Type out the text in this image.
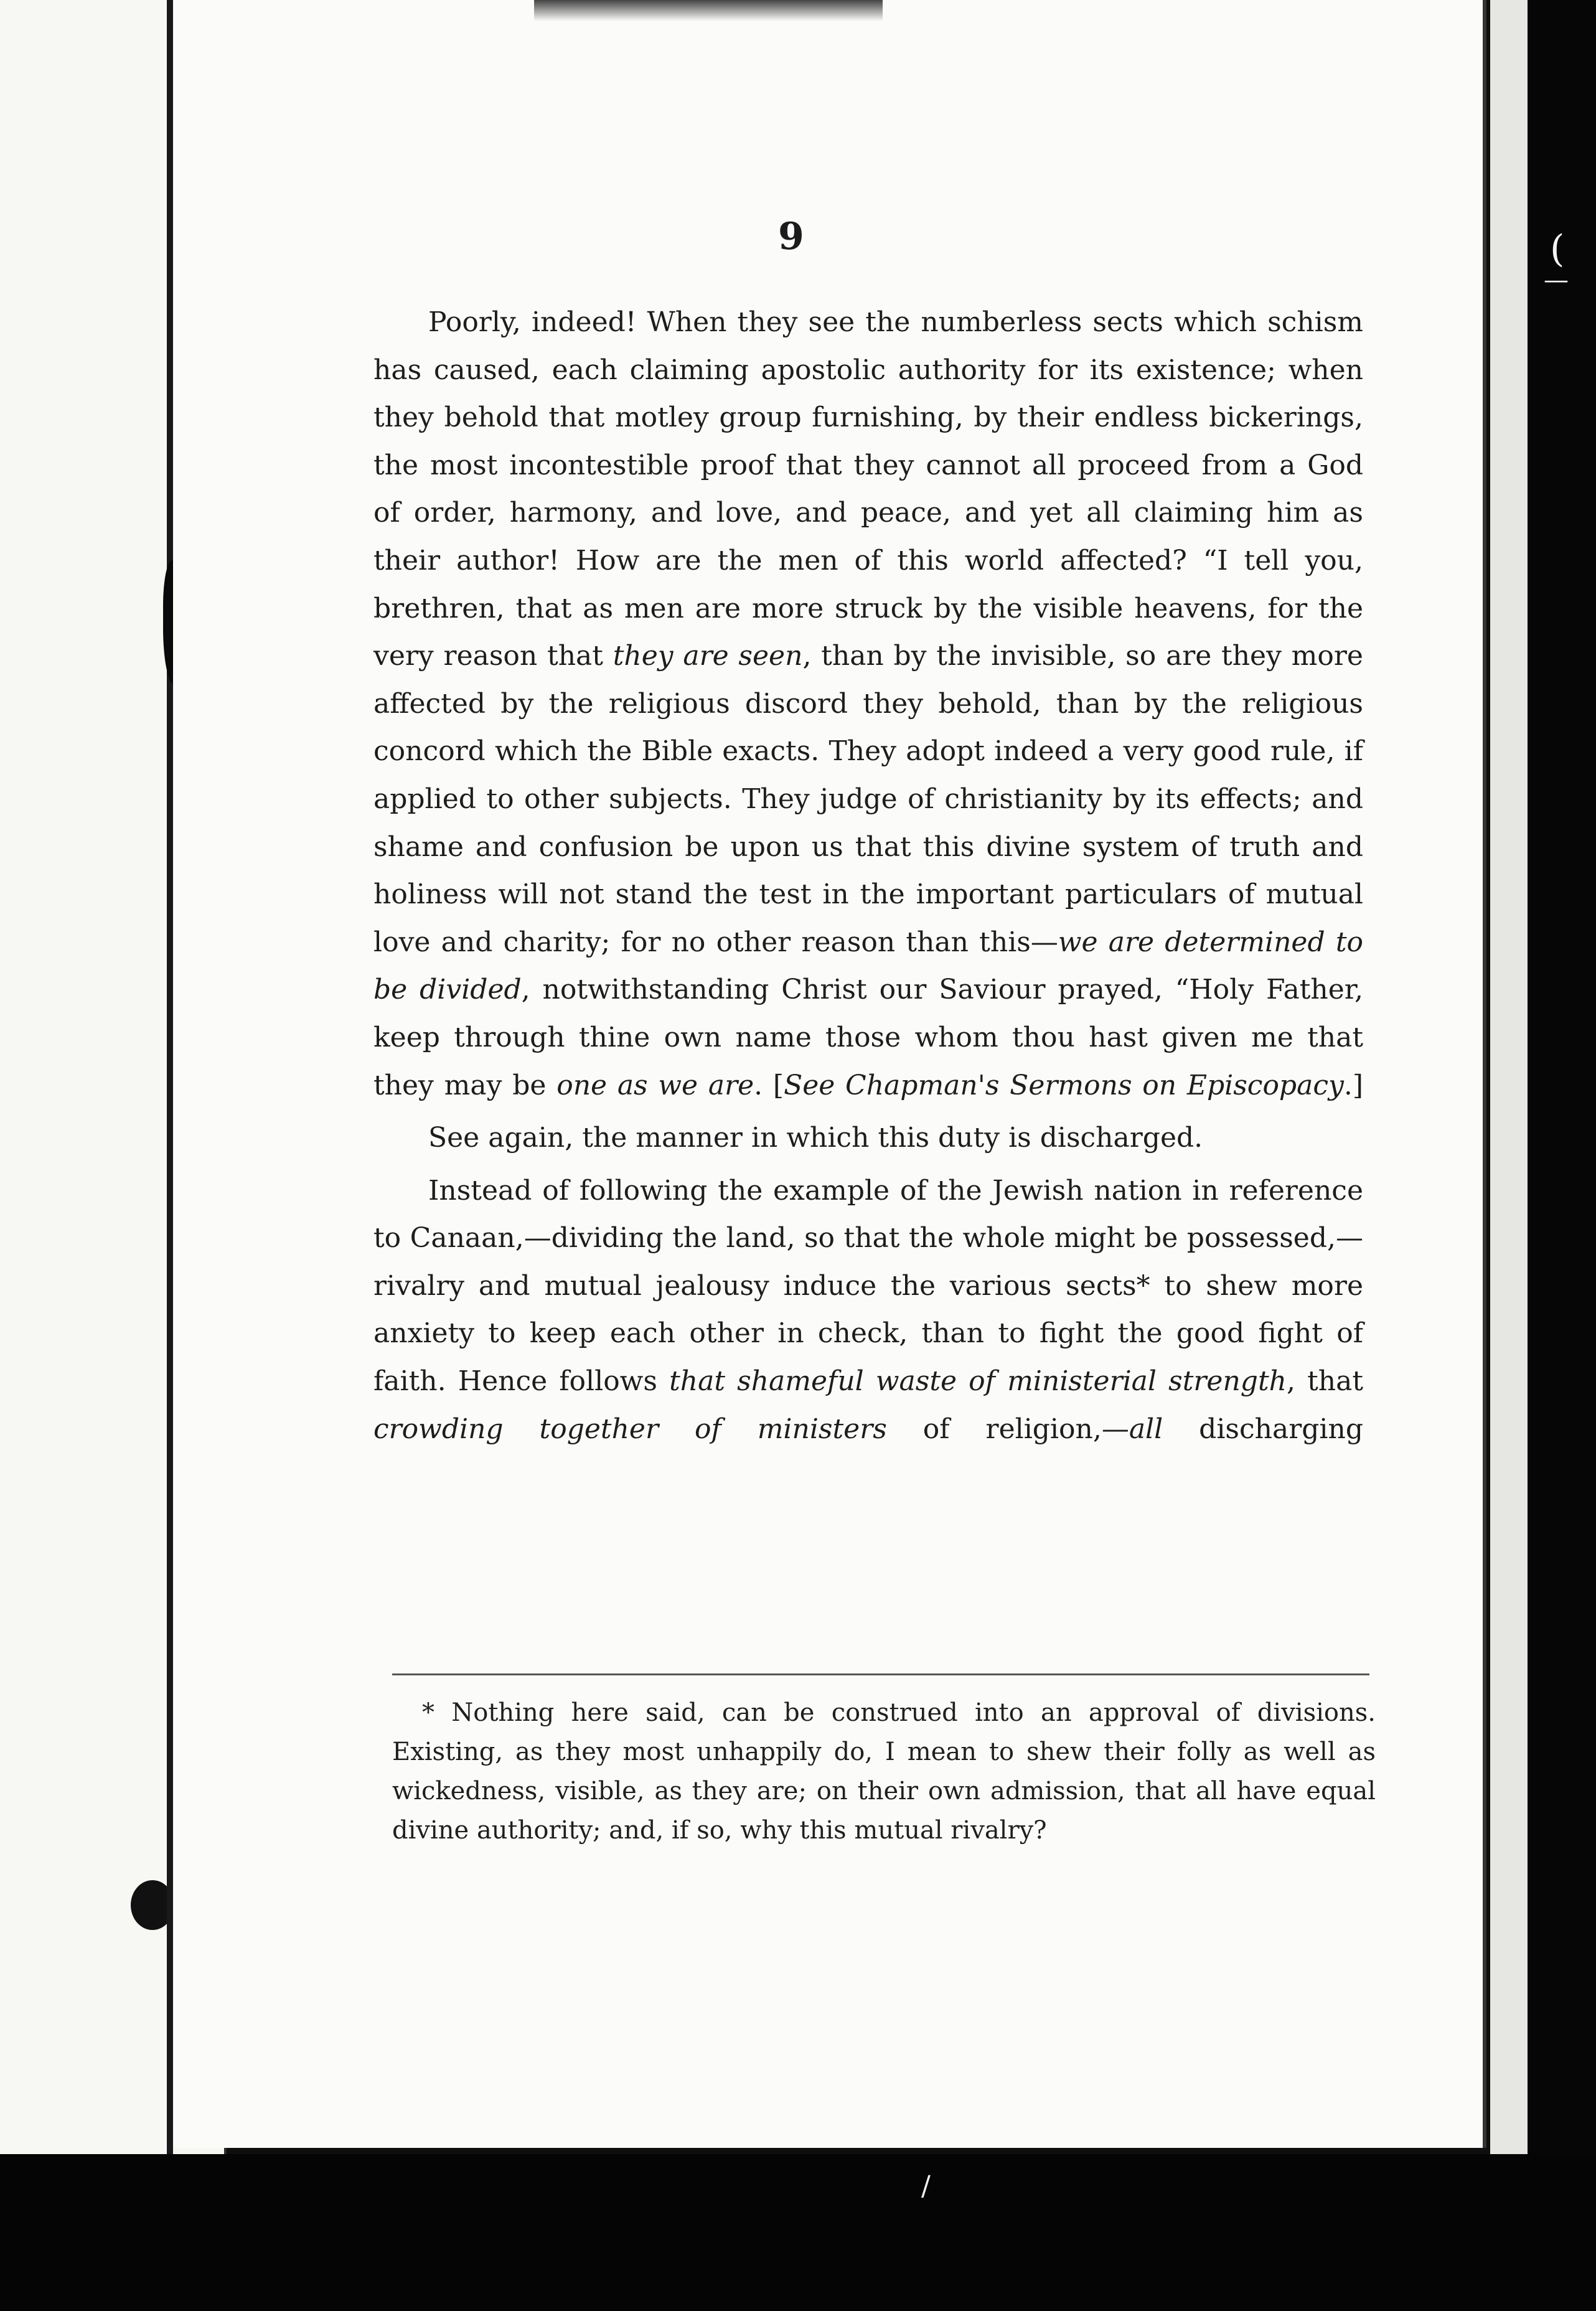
(
—
/
9

Poorly, indeed! When they see the numberless sects which schism has caused, each claiming apostolic authority for its existence; when they behold that motley group furnishing, by their endless bickerings, the most incontestible proof that they cannot all proceed from a God of order, harmony, and love, and peace, and yet all claiming him as their author! How are the men of this world affected? “I tell you, brethren, that as men are more struck by the visible heavens, for the very reason that they are seen, than by the invisible, so are they more affected by the religious discord they behold, than by the religious concord which the Bible exacts. They adopt indeed a very good rule, if applied to other subjects. They judge of christianity by its effects; and shame and confusion be upon us that this divine system of truth and holiness will not stand the test in the important particulars of mutual love and charity; for no other reason than this—we are determined to be divided, notwithstanding Christ our Saviour prayed, “Holy Father, keep through thine own name those whom thou hast given me that they may be one as we are. [See Chapman's Sermons on Episcopacy.]

See again, the manner in which this duty is discharged.

Instead of following the example of the Jewish nation in reference to Canaan,—dividing the land, so that the whole might be possessed,—rivalry and mutual jealousy induce the various sects* to shew more anxiety to keep each other in check, than to fight the good fight of faith. Hence follows that shameful waste of ministerial strength, that crowding together of ministers of religion,—all discharging

* Nothing here said, can be construed into an approval of divisions. Existing, as they most unhappily do, I mean to shew their folly as well as wickedness, visible, as they are; on their own admission, that all have equal divine authority; and, if so, why this mutual rivalry?
